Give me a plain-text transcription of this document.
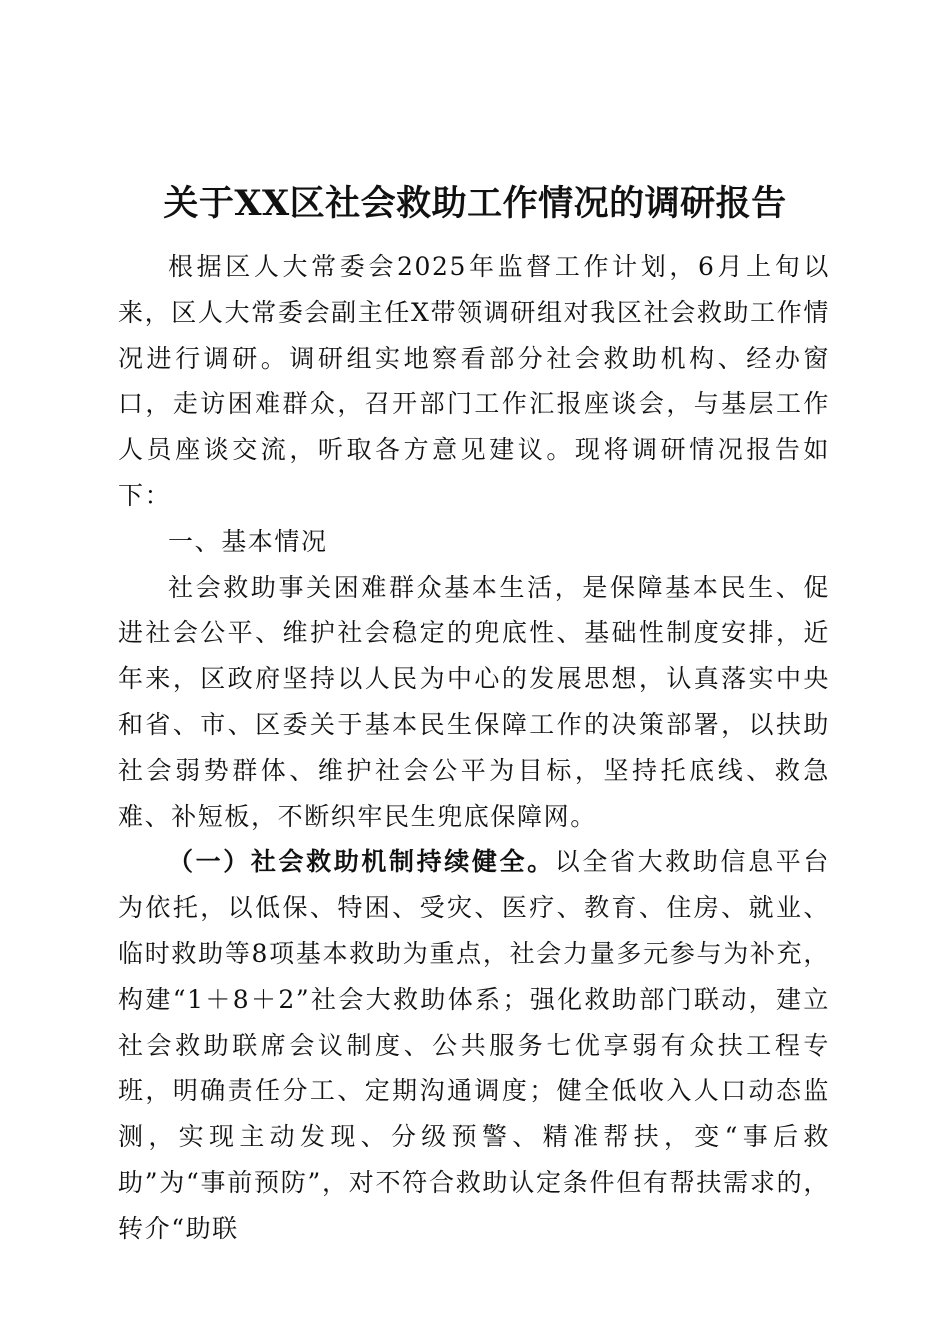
关于XX区社会救助工作情况的调研报告

根据区人大常委会2025年监督工作计划，6月上旬以来，区人大常委会副主任X带领调研组对我区社会救助工作情况进行调研。调研组实地察看部分社会救助机构、经办窗口，走访困难群众，召开部门工作汇报座谈会，与基层工作人员座谈交流，听取各方意见建议。现将调研情况报告如下：

一、基本情况

社会救助事关困难群众基本生活，是保障基本民生、促进社会公平、维护社会稳定的兜底性、基础性制度安排，近年来，区政府坚持以人民为中心的发展思想，认真落实中央和省、市、区委关于基本民生保障工作的决策部署，以扶助社会弱势群体、维护社会公平为目标，坚持托底线、救急难、补短板，不断织牢民生兜底保障网。

（一）社会救助机制持续健全。以全省大救助信息平台为依托，以低保、特困、受灾、医疗、教育、住房、就业、临时救助等8项基本救助为重点，社会力量多元参与为补充，构建“1＋8＋2”社会大救助体系；强化救助部门联动，建立社会救助联席会议制度、公共服务七优享弱有众扶工程专班，明确责任分工、定期沟通调度；健全低收入人口动态监测，实现主动发现、分级预警、精准帮扶，变“事后救助”为“事前预防”，对不符合救助认定条件但有帮扶需求的，转介“助联
